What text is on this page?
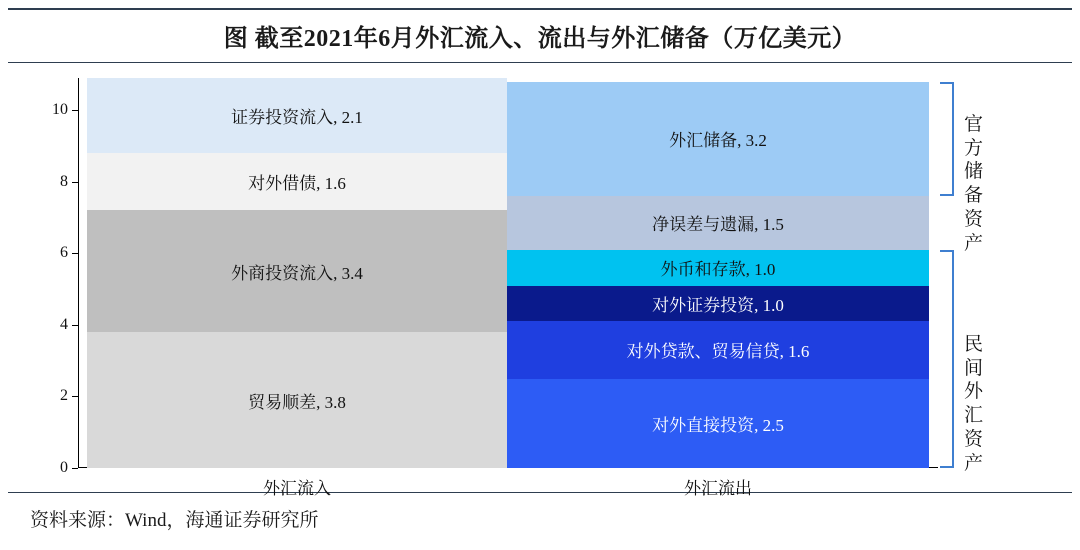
图 截至2021年6月外汇流入、流出与外汇储备（万亿美元）
0
2
4
6
8
10
贸易顺差, 3.8
外商投资流入, 3.4
对外借债, 1.6
证券投资流入, 2.1
对外直接投资, 2.5
对外贷款、贸易信贷, 1.6
对外证券投资, 1.0
外币和存款, 1.0
净误差与遗漏, 1.5
外汇储备, 3.2
外汇流入	外汇流出
官方储备
资产
民间外汇
资产
资料来源：Wind，海通证券研究所
